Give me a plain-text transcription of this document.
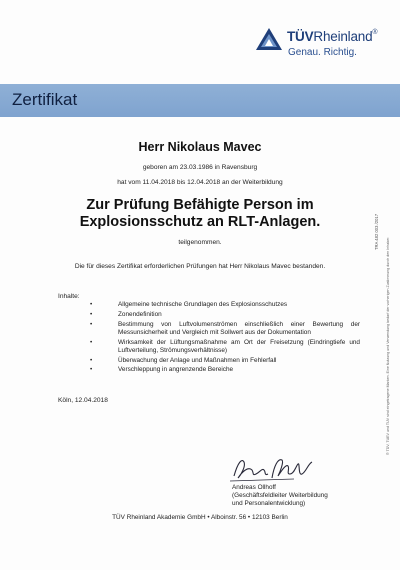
TÜVRheinland®
Genau. Richtig.
Zertifikat
Herr Nikolaus Mavec
geboren am 23.03.1986 in Ravensburg
hat vom 11.04.2018 bis 12.04.2018 an der Weiterbildung
Zur Prüfung Befähigte Person im
Explosionsschutz an RLT-Anlagen.
teilgenommen.
Die für dieses Zertifikat erforderlichen Prüfungen hat Herr Nikolaus Mavec bestanden.
Inhalte:
•	Allgemeine technische Grundlagen des Explosionsschutzes
•	Zonendefinition
•	Bestimmung von Luftvolumenströmen einschließlich einer Bewertung der Messunsicherheit und Vergleich mit Sollwert aus der Dokumentation
•	Wirksamkeit der Lüftungsmaßnahme am Ort der Freisetzung (Eindringtiefe und Luftverteilung, Strömungsverhältnisse)
•	Überwachung der Anlage und Maßnahmen im Fehlerfall
•	Verschleppung in angrenzende Bereiche
Köln, 12.04.2018
Andreas Ollhoff
(Geschäftsfeldleiter Weiterbildung
und Personalentwicklung)
TÜV Rheinland Akademie GmbH • Alboinstr. 56 • 12103 Berlin
TRA 482 003 /2017
® TÜV, TUEV und TUV sind eingetragene Marken. Eine Nutzung und Verwendung bedarf der vorherigen Zustimmung durch den Inhaber.
